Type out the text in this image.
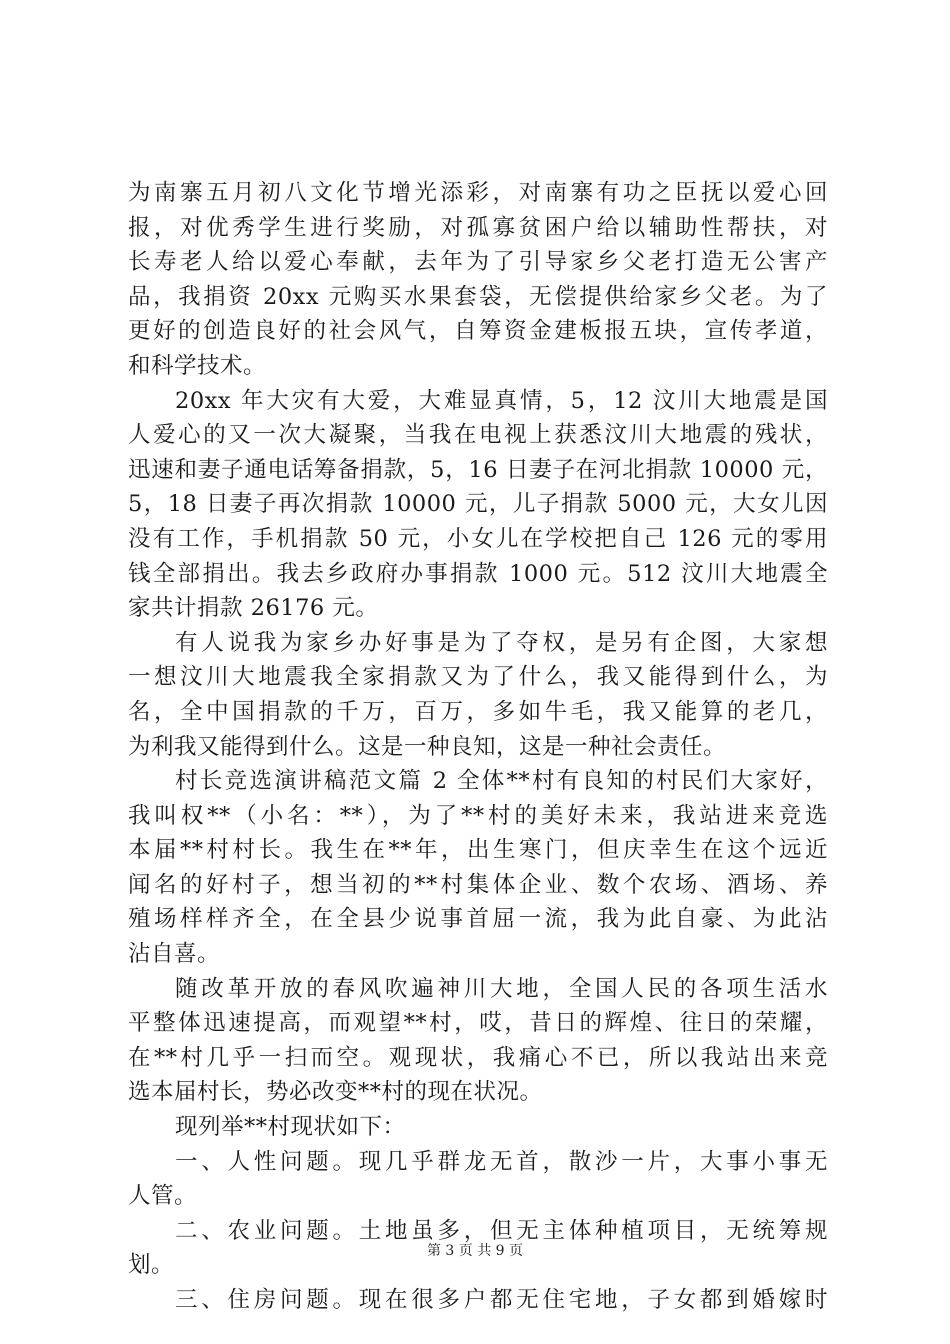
为南寨五月初八文化节增光添彩，对南寨有功之臣抚以爱心回
报，对优秀学生进行奖励，对孤寡贫困户给以辅助性帮扶，对
长寿老人给以爱心奉献，去年为了引导家乡父老打造无公害产
品，我捐资 20xx 元购买水果套袋，无偿提供给家乡父老。为了
更好的创造良好的社会风气，自筹资金建板报五块，宣传孝道，
和科学技术。
20xx 年大灾有大爱，大难显真情，5，12 汶川大地震是国
人爱心的又一次大凝聚，当我在电视上获悉汶川大地震的残状，
迅速和妻子通电话筹备捐款，5，16 日妻子在河北捐款 10000 元，
5，18 日妻子再次捐款 10000 元，儿子捐款 5000 元，大女儿因
没有工作，手机捐款 50 元，小女儿在学校把自己 126 元的零用
钱全部捐出。我去乡政府办事捐款 1000 元。512 汶川大地震全
家共计捐款 26176 元。
有人说我为家乡办好事是为了夺权，是另有企图，大家想
一想汶川大地震我全家捐款又为了什么，我又能得到什么，为
名，全中国捐款的千万，百万，多如牛毛，我又能算的老几，
为利我又能得到什么。这是一种良知，这是一种社会责任。
村长竞选演讲稿范文篇 2 全体**村有良知的村民们大家好，
我叫权**（小名：**），为了**村的美好未来，我站进来竞选
本届**村村长。我生在**年，出生寒门，但庆幸生在这个远近
闻名的好村子，想当初的**村集体企业、数个农场、酒场、养
殖场样样齐全，在全县少说事首屈一流，我为此自豪、为此沾
沾自喜。
随改革开放的春风吹遍神川大地，全国人民的各项生活水
平整体迅速提高，而观望**村，哎，昔日的辉煌、往日的荣耀，
在**村几乎一扫而空。观现状，我痛心不已，所以我站出来竞
选本届村长，势必改变**村的现在状况。
现列举**村现状如下：
一、人性问题。现几乎群龙无首，散沙一片，大事小事无
人管。
二、农业问题。土地虽多，但无主体种植项目，无统筹规
划。
三、住房问题。现在很多户都无住宅地，子女都到婚嫁时
第 3 页 共 9 页
